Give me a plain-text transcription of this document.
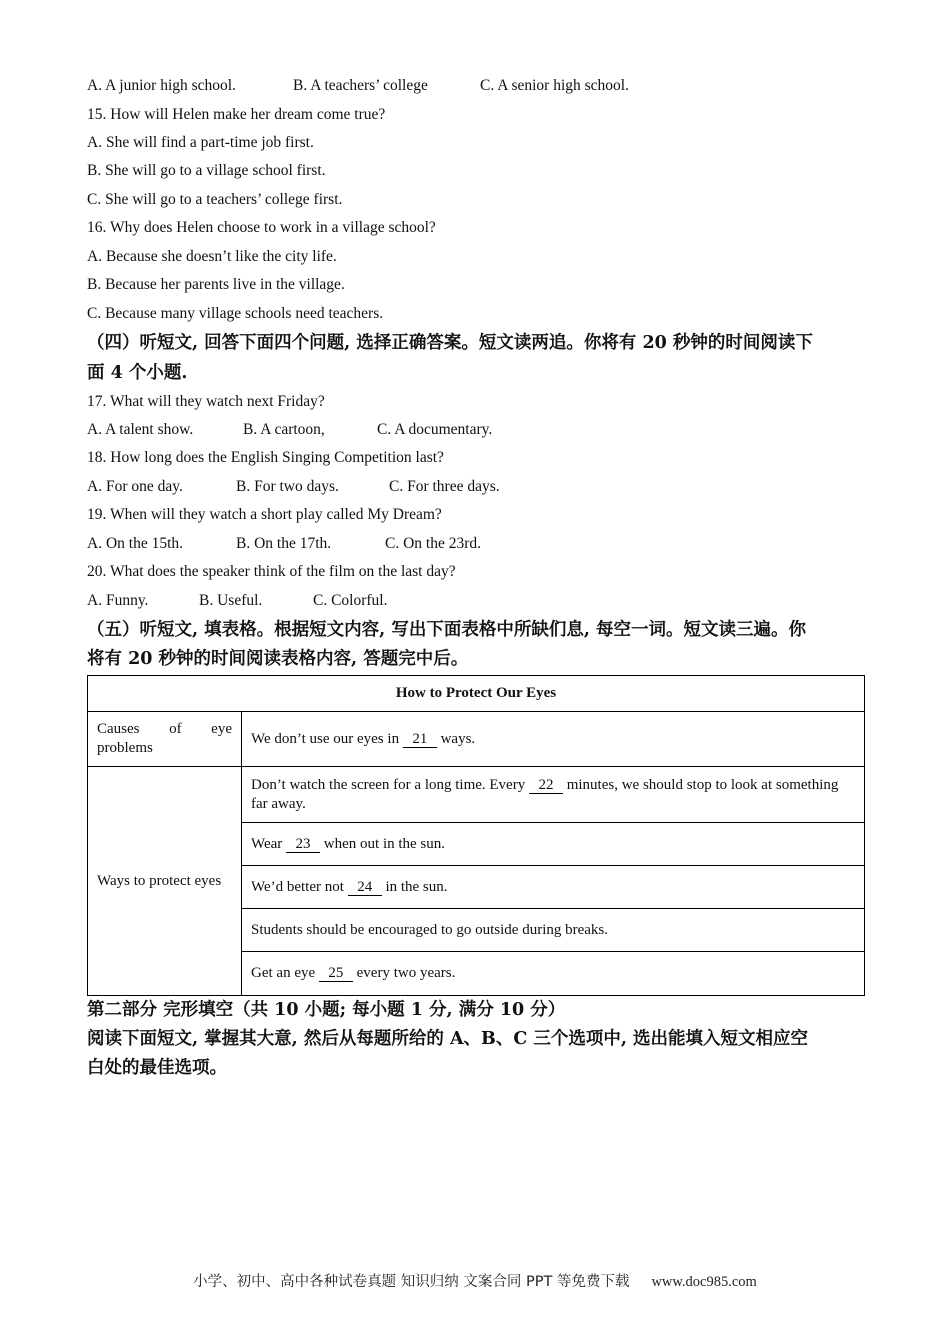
A. A junior high school.	B. A teachers’ college	C. A senior high school.
15. How will Helen make her dream come true?
A. She will find a part-time job first.
B. She will go to a village school first.
C. She will go to a teachers’ college first.
16. Why does Helen choose to work in a village school?
A. Because she doesn’t like the city life.
B. Because her parents live in the village.
C. Because many village schools need teachers.
（四）听短文, 回答下面四个问题, 选择正确答案。短文读两追。你将有 20 秒钟的时间阅读下
面 4 个小题.
17. What will they watch next Friday?
A. A talent show.	B. A cartoon,	C. A documentary.
18. How long does the English Singing Competition last?
A. For one day.	B. For two days.	C. For three days.
19. When will they watch a short play called My Dream?
A. On the 15th.	B. On the 17th.	C. On the 23rd.
20. What does the speaker think of the film on the last day?
A. Funny.	B. Useful.	C. Colorful.
（五）听短文, 填表格。根据短文内容, 写出下面表格中所缺们息, 每空一词。短文读三遍。你
将有 20 秒钟的时间阅读表格内容, 答题完中后。
How to Protect Our Eyes	
Causes of eye problems	We don’t use our eyes in 21 ways.
Ways to protect eyes	Don’t watch the screen for a long time. Every 22 minutes, we should stop to look at something far away.
	Wear 23 when out in the sun.
	We’d better not 24 in the sun.
	Students should be encouraged to go outside during breaks.
	Get an eye 25 every two years.
第二部分 完形填空（共 10 小题; 每小题 1 分, 满分 10 分）
阅读下面短文, 掌握其大意, 然后从每题所给的 A、B、C 三个选项中, 选出能填入短文相应空
白处的最佳选项。
小学、初中、高中各种试卷真题 知识归纳 文案合同 PPT 等免费下载 www.doc985.com
